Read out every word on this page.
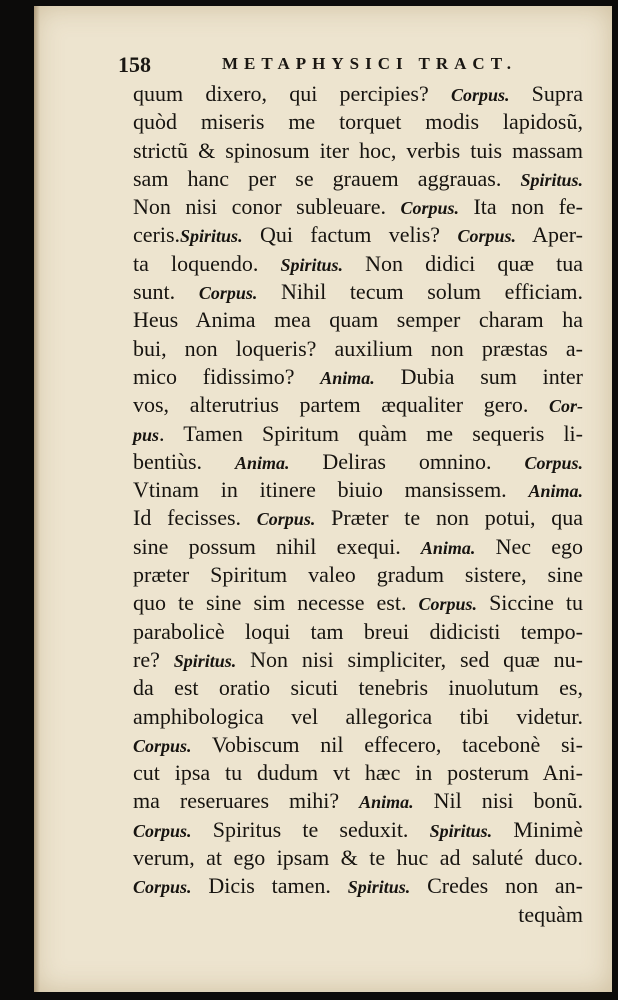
158	METAPHYSICI TRACT.
quum dixero, qui percipies? Corpus. Supra
quòd miseris me torquet modis lapidosũ,
strictũ & spinosum iter hoc, verbis tuis massam
sam hanc per se grauem aggrauas. Spiritus.
Non nisi conor subleuare. Corpus. Ita non fe-
ceris.Spiritus. Qui factum velis? Corpus. Aper-
ta loquendo. Spiritus. Non didici quæ tua
sunt. Corpus. Nihil tecum solum efficiam.
Heus Anima mea quam semper charam ha
bui, non loqueris? auxilium non præstas a-
mico fidissimo? Anima. Dubia sum inter
vos, alterutrius partem æqualiter gero. Cor-
pus. Tamen Spiritum quàm me sequeris li-
bentiùs. Anima. Deliras omnino. Corpus.
Vtinam in itinere biuio mansissem. Anima.
Id fecisses. Corpus. Præter te non potui, qua
sine possum nihil exequi. Anima. Nec ego
præter Spiritum valeo gradum sistere, sine
quo te sine sim necesse est. Corpus. Siccine tu
parabolicè loqui tam breui didicisti tempo-
re? Spiritus. Non nisi simpliciter, sed quæ nu-
da est oratio sicuti tenebris inuolutum es,
amphibologica vel allegorica tibi videtur.
Corpus. Vobiscum nil effecero, tacebonè si-
cut ipsa tu dudum vt hæc in posterum Ani-
ma reseruares mihi? Anima. Nil nisi bonũ.
Corpus. Spiritus te seduxit. Spiritus. Minimè
verum, at ego ipsam & te huc ad saluté duco.
Corpus. Dicis tamen. Spiritus. Credes non an-
tequàm
